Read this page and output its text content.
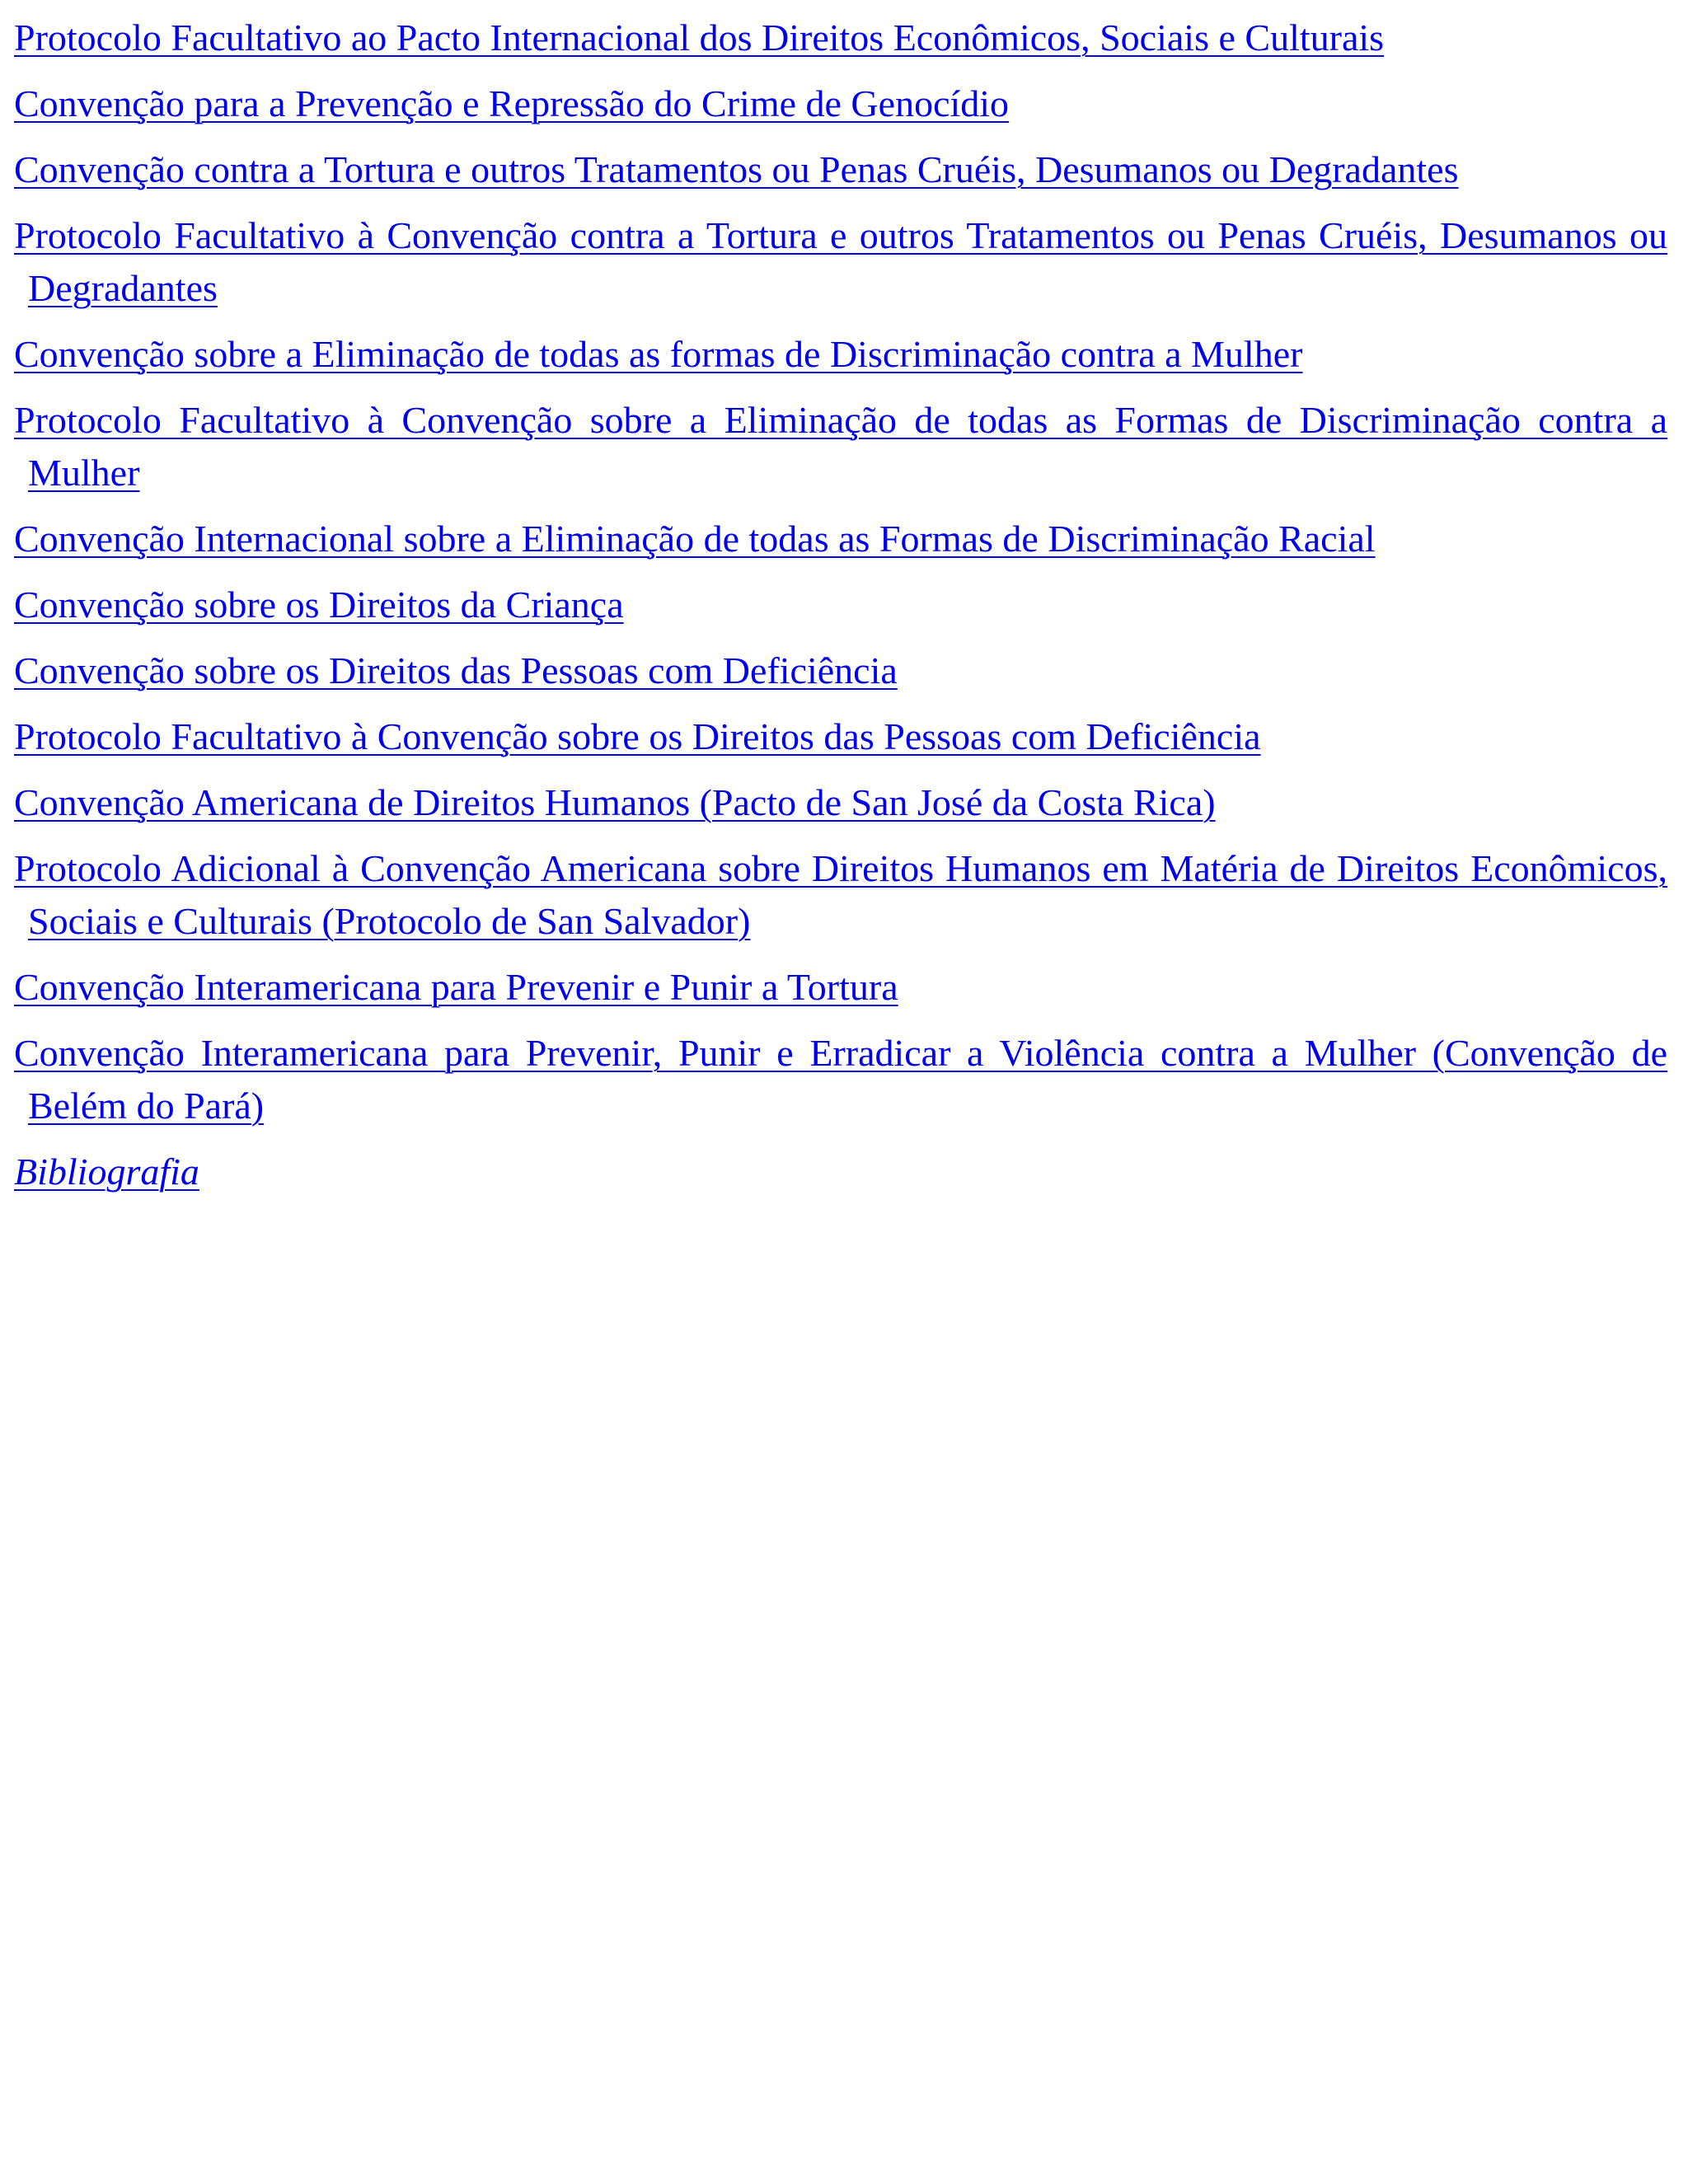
Protocolo Facultativo ao Pacto Internacional dos Direitos Econômicos, Sociais e Culturais
Convenção para a Prevenção e Repressão do Crime de Genocídio
Convenção contra a Tortura e outros Tratamentos ou Penas Cruéis, Desumanos ou Degradantes
Protocolo Facultativo à Convenção contra a Tortura e outros Tratamentos ou Penas Cruéis, Desumanos ou Degradantes
Convenção sobre a Eliminação de todas as formas de Discriminação contra a Mulher
Protocolo Facultativo à Convenção sobre a Eliminação de todas as Formas de Discriminação contra a Mulher
Convenção Internacional sobre a Eliminação de todas as Formas de Discriminação Racial
Convenção sobre os Direitos da Criança
Convenção sobre os Direitos das Pessoas com Deficiência
Protocolo Facultativo à Convenção sobre os Direitos das Pessoas com Deficiência
Convenção Americana de Direitos Humanos (Pacto de San José da Costa Rica)
Protocolo Adicional à Convenção Americana sobre Direitos Humanos em Matéria de Direitos Econômicos, Sociais e Culturais (Protocolo de San Salvador)
Convenção Interamericana para Prevenir e Punir a Tortura
Convenção Interamericana para Prevenir, Punir e Erradicar a Violência contra a Mulher (Convenção de Belém do Pará)
Bibliografia
